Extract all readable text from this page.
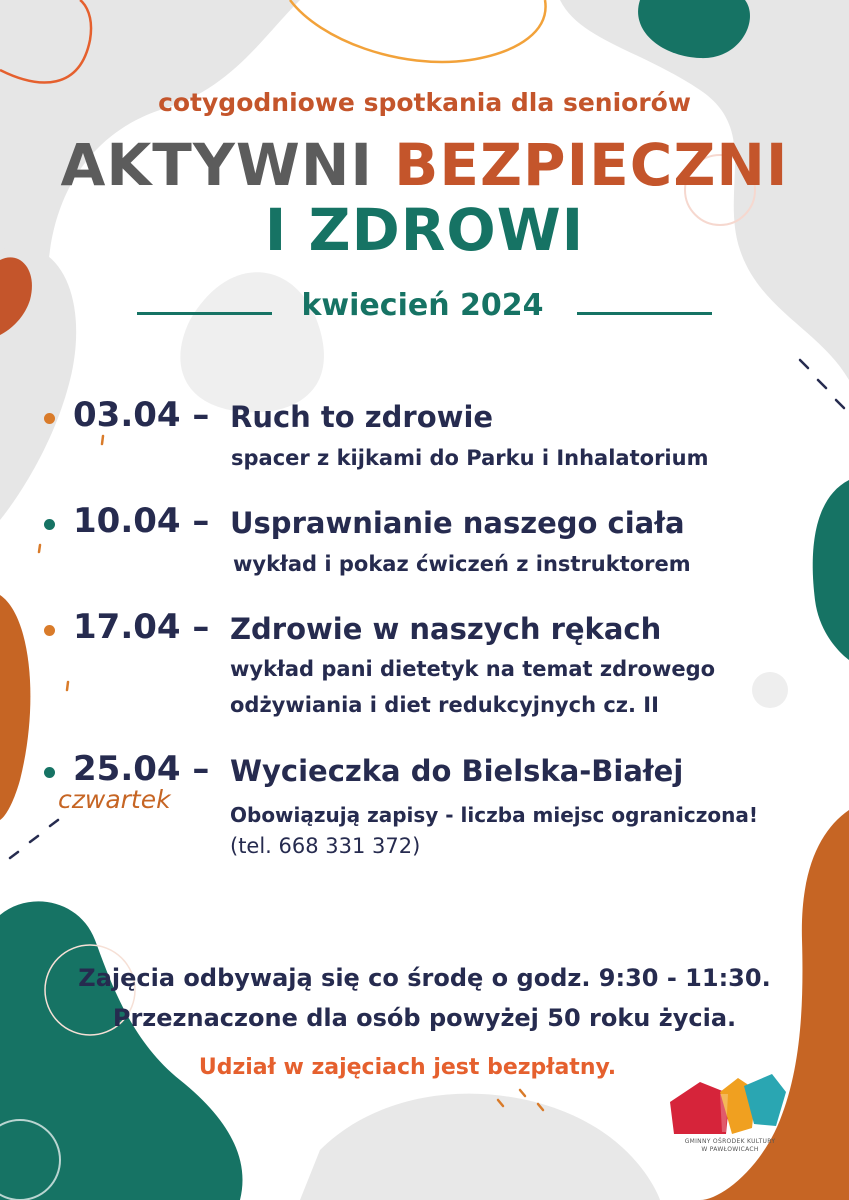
cotygodniowe spotkania dla seniorów
AKTYWNI BEZPIECZNI
I ZDROWI
kwiecień 2024
03.04 – Ruch to zdrowie
spacer z kijkami do Parku i Inhalatorium
10.04 – Usprawnianie naszego ciała
wykład i pokaz ćwiczeń z instruktorem
17.04 – Zdrowie w naszych rękach
wykład pani dietetyk na temat zdrowego
odżywiania i diet redukcyjnych cz. II
25.04 –
czwartek
Wycieczka do Bielska-Białej
Obowiązują zapisy - liczba miejsc ograniczona!
(tel. 668 331 372)
Zajęcia odbywają się co środę o godz. 9:30 - 11:30.
Przeznaczone dla osób powyżej 50 roku życia.
Udział w zajęciach jest bezpłatny.
GMINNY OŚRODEK KULTURY
W PAWŁOWICACH
